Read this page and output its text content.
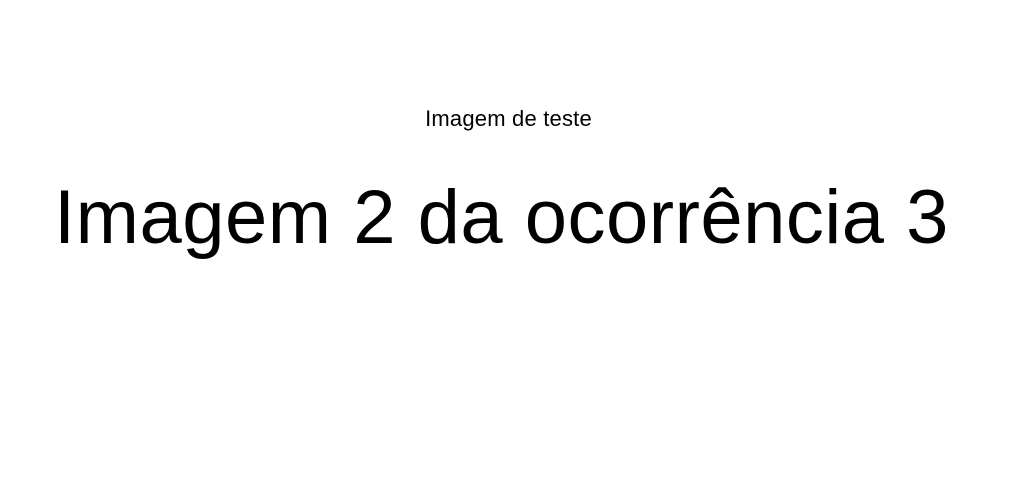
Imagem de teste
Imagem 2 da ocorrência 3
